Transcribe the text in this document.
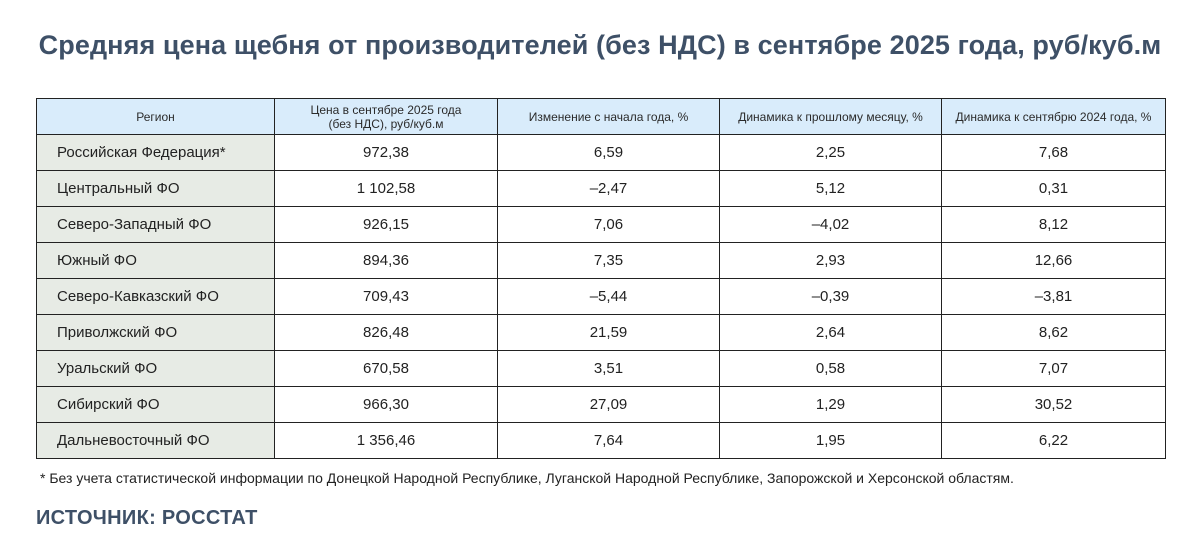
Средняя цена щебня от производителей (без НДС) в сентябре 2025 года, руб/куб.м
Регион	Цена в сентябре 2025 года (без НДС), руб/куб.м	Изменение с начала года, %	Динамика к прошлому месяцу, %	Динамика к сентябрю 2024 года, %
Российская Федерация*	972,38	6,59	2,25	7,68
Центральный ФО	1 102,58	–2,47	5,12	0,31
Северо-Западный ФО	926,15	7,06	–4,02	8,12
Южный ФО	894,36	7,35	2,93	12,66
Северо-Кавказский ФО	709,43	–5,44	–0,39	–3,81
Приволжский ФО	826,48	21,59	2,64	8,62
Уральский ФО	670,58	3,51	0,58	7,07
Сибирский ФО	966,30	27,09	1,29	30,52
Дальневосточный ФО	1 356,46	7,64	1,95	6,22
* Без учета статистической информации по Донецкой Народной Республике, Луганской Народной Республике, Запорожской и Херсонской областям.
ИСТОЧНИК: РОССТАТ
